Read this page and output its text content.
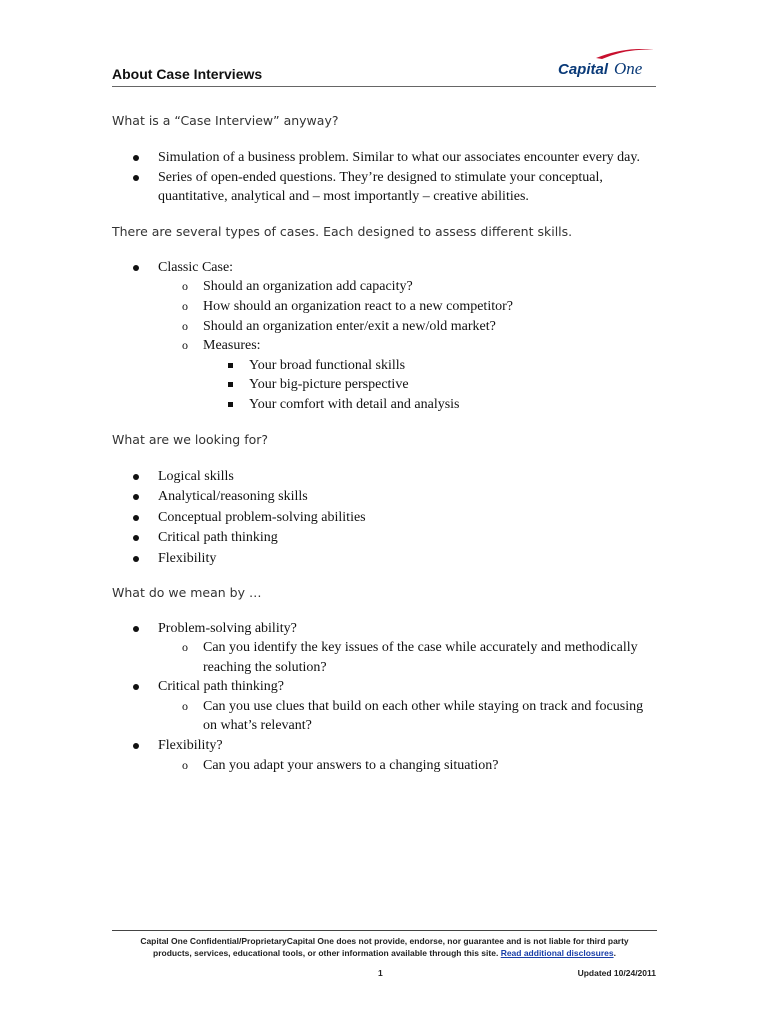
About Case Interviews	Capital One

What is a “Case Interview” anyway?

Simulation of a business problem. Similar to what our associates encounter every day.
Series of open-ended questions. They’re designed to stimulate your conceptual, quantitative, analytical and – most importantly – creative abilities.

There are several types of cases. Each designed to assess different skills.

Classic Case:
o Should an organization add capacity?
o How should an organization react to a new competitor?
o Should an organization enter/exit a new/old market?
o Measures:
Your broad functional skills
Your big-picture perspective
Your comfort with detail and analysis

What are we looking for?

Logical skills
Analytical/reasoning skills
Conceptual problem-solving abilities
Critical path thinking
Flexibility

What do we mean by …

Problem-solving ability?
o Can you identify the key issues of the case while accurately and methodically reaching the solution?
Critical path thinking?
o Can you use clues that build on each other while staying on track and focusing on what’s relevant?
Flexibility?
o Can you adapt your answers to a changing situation?
Capital One Confidential/ProprietaryCapital One does not provide, endorse, nor guarantee and is not liable for third party
products, services, educational tools, or other information available through this site. Read additional disclosures.
1	Updated 10/24/2011
